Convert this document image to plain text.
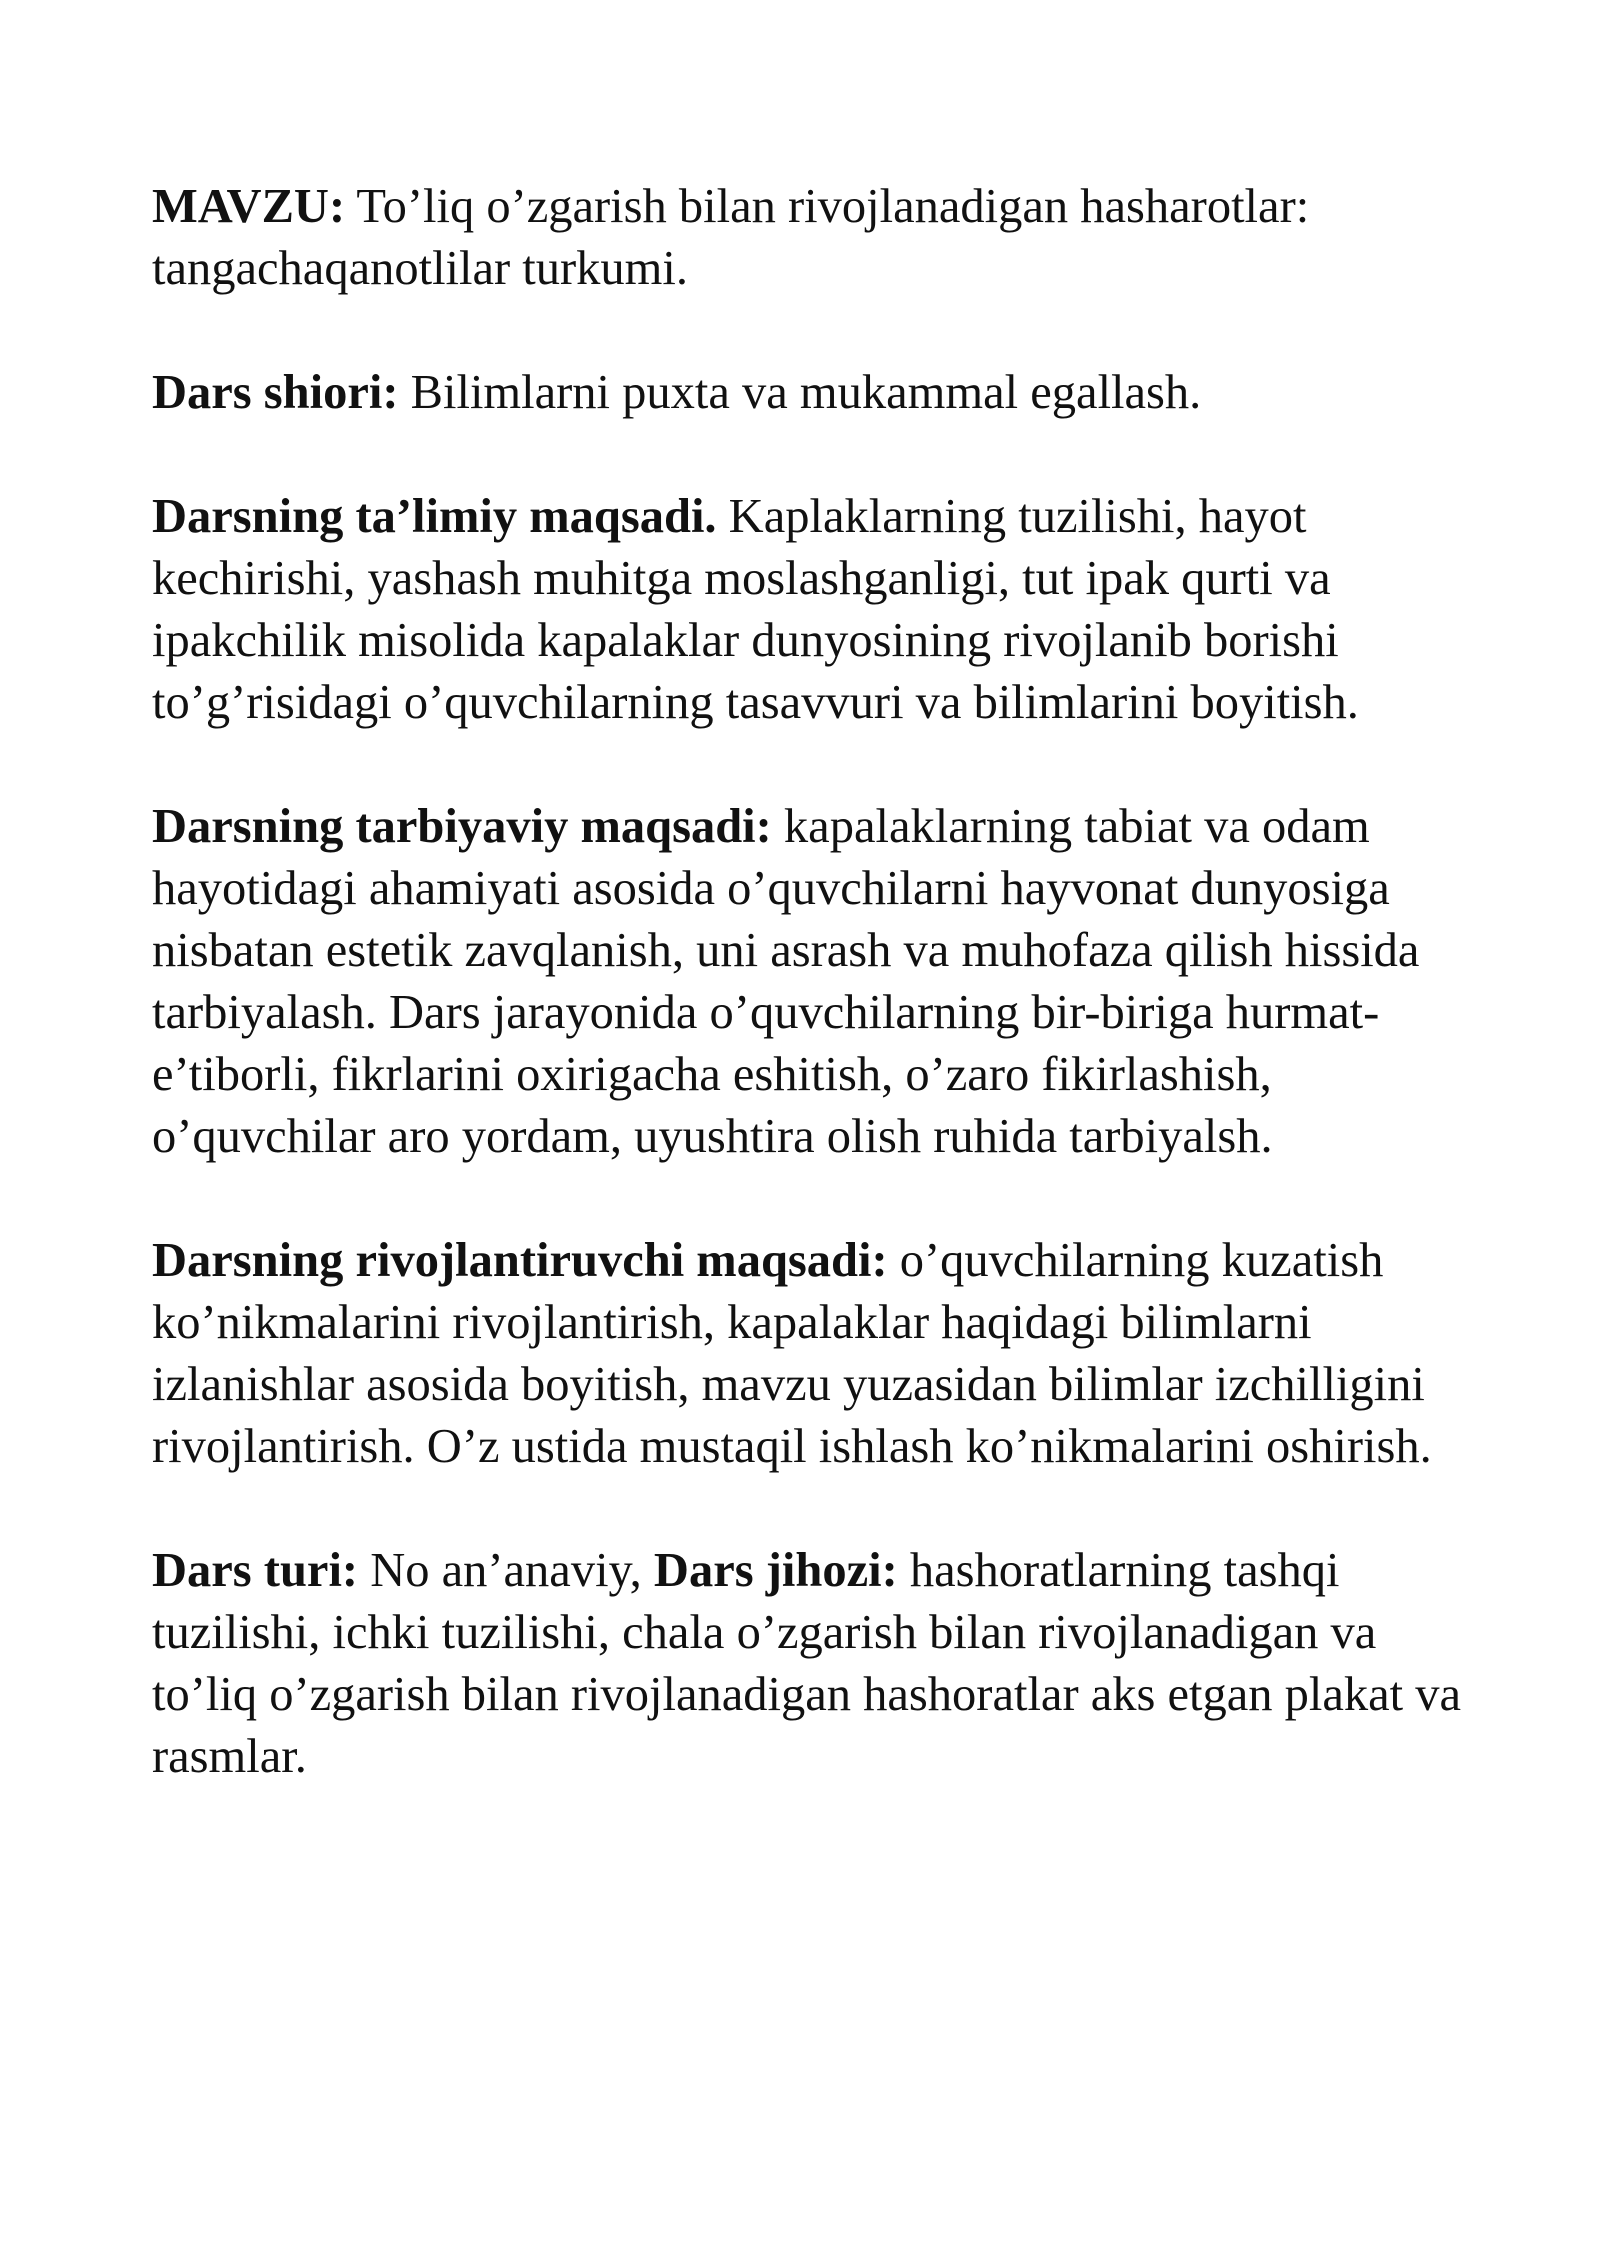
MAVZU: To’liq o’zgarish bilan rivojlanadigan hasharotlar: tangachaqanotlilar turkumi.

Dars shiori: Bilimlarni puxta va mukammal egallash.

Darsning ta’limiy maqsadi. Kaplaklarning tuzilishi, hayot kechirishi, yashash muhitga moslashganligi, tut ipak qurti va ipakchilik misolida kapalaklar dunyosining rivojlanib borishi to’g’risidagi o’quvchilarning tasavvuri va bilimlarini boyitish.

Darsning tarbiyaviy maqsadi: kapalaklarning tabiat va odam hayotidagi ahamiyati asosida o’quvchilarni hayvonat dunyosiga nisbatan estetik zavqlanish, uni asrash va muhofaza qilish hissida tarbiyalash. Dars jarayonida o’quvchilarning bir-biriga hurmat-e’tiborli, fikrlarini oxirigacha eshitish, o’zaro fikirlashish, o’quvchilar aro yordam, uyushtira olish ruhida tarbiyalsh.

Darsning rivojlantiruvchi maqsadi: o’quvchilarning kuzatish ko’nikmalarini rivojlantirish, kapalaklar haqidagi bilimlarni izlanishlar asosida boyitish, mavzu yuzasidan bilimlar izchilligini rivojlantirish. O’z ustida mustaqil ishlash ko’nikmalarini oshirish.

Dars turi: No an’anaviy, Dars jihozi: hashoratlarning tashqi tuzilishi, ichki tuzilishi, chala o’zgarish bilan rivojlanadigan va to’liq o’zgarish bilan rivojlanadigan hashoratlar aks etgan plakat va rasmlar.
